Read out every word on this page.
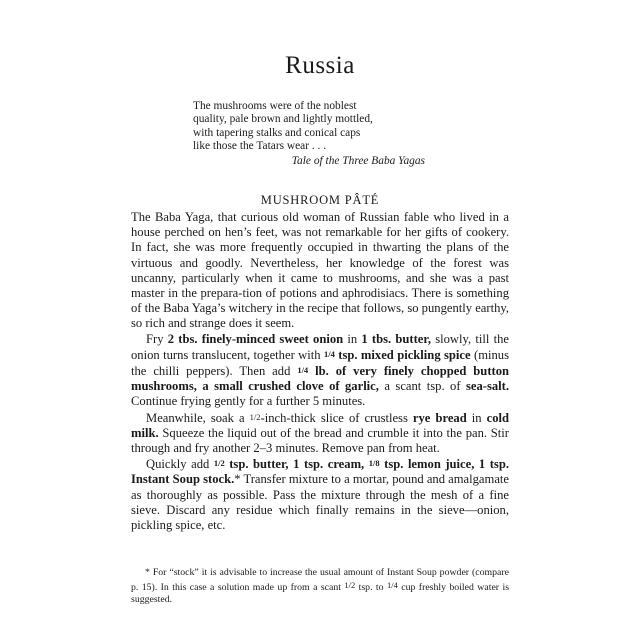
Russia
The mushrooms were of the noblest
quality, pale brown and lightly mottled,
with tapering stalks and conical caps
like those the Tatars wear . . .
Tale of the Three Baba Yagas
MUSHROOM PÂTÉ

The Baba Yaga, that curious old woman of Russian fable who lived in a house perched on hen’s feet, was not remarkable for her gifts of cookery. In fact, she was more frequently occupied in thwarting the plans of the virtuous and goodly. Nevertheless, her knowledge of the forest was uncanny, particularly when it came to mushrooms, and she was a past master in the prepara-tion of potions and aphrodisiacs. There is something of the Baba Yaga’s witchery in the recipe that follows, so pungently earthy, so rich and strange does it seem.

Fry 2 tbs. finely-minced sweet onion in 1 tbs. butter, slowly, till the onion turns translucent, together with 1/4 tsp. mixed pickling spice (minus the chilli peppers). Then add 1/4 lb. of very finely chopped button mushrooms, a small crushed clove of garlic, a scant tsp. of sea-salt. Continue frying gently for a further 5 minutes.

Meanwhile, soak a 1/2-inch-thick slice of crustless rye bread in cold milk. Squeeze the liquid out of the bread and crumble it into the pan. Stir through and fry another 2–3 minutes. Remove pan from heat.

Quickly add 1/2 tsp. butter, 1 tsp. cream, 1/8 tsp. lemon juice, 1 tsp. Instant Soup stock.* Transfer mixture to a mortar, pound and amalgamate as thoroughly as possible. Pass the mixture through the mesh of a fine sieve. Discard any residue which finally remains in the sieve—onion, pickling spice, etc.

* For “stock” it is advisable to increase the usual amount of Instant Soup powder (compare p. 15). In this case a solution made up from a scant 1/2 tsp. to 1/4 cup freshly boiled water is suggested.
